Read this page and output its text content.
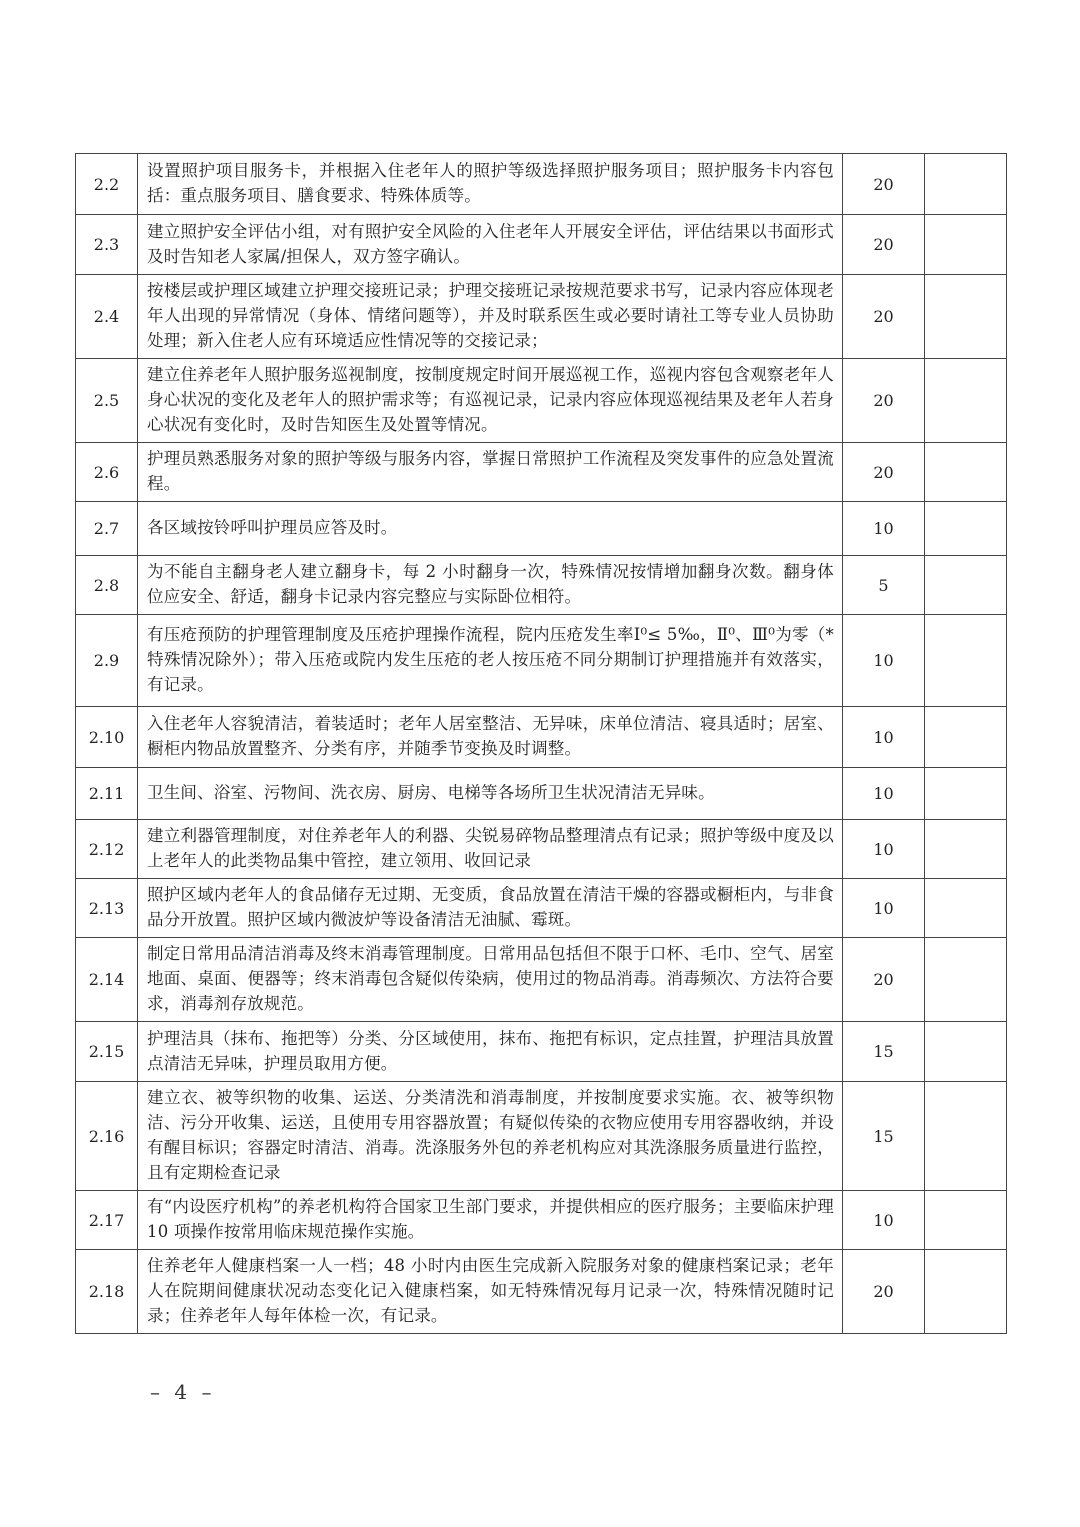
2.2	设置照护项目服务卡，并根据入住老年人的照护等级选择照护服务项目；照护服务卡内容包括：重点服务项目、膳食要求、特殊体质等。	20	
2.3	建立照护安全评估小组，对有照护安全风险的入住老年人开展安全评估，评估结果以书面形式及时告知老人家属/担保人，双方签字确认。	20	
2.4	按楼层或护理区域建立护理交接班记录；护理交接班记录按规范要求书写，记录内容应体现老年人出现的异常情况（身体、情绪问题等），并及时联系医生或必要时请社工等专业人员协助处理；新入住老人应有环境适应性情况等的交接记录；	20	
2.5	建立住养老年人照护服务巡视制度，按制度规定时间开展巡视工作，巡视内容包含观察老年人身心状况的变化及老年人的照护需求等；有巡视记录，记录内容应体现巡视结果及老年人若身心状况有变化时，及时告知医生及处置等情况。	20	
2.6	护理员熟悉服务对象的照护等级与服务内容，掌握日常照护工作流程及突发事件的应急处置流程。	20	
2.7	各区域按铃呼叫护理员应答及时。	10	
2.8	为不能自主翻身老人建立翻身卡，每 2 小时翻身一次，特殊情况按情增加翻身次数。翻身体位应安全、舒适，翻身卡记录内容完整应与实际卧位相符。	5	
2.9	有压疮预防的护理管理制度及压疮护理操作流程，院内压疮发生率Ⅰ⁰≤ 5‰，Ⅱ⁰、Ⅲ⁰为零（*特殊情况除外）；带入压疮或院内发生压疮的老人按压疮不同分期制订护理措施并有效落实，有记录。	10	
2.10	入住老年人容貌清洁，着装适时；老年人居室整洁、无异味，床单位清洁、寝具适时；居室、橱柜内物品放置整齐、分类有序，并随季节变换及时调整。	10	
2.11	卫生间、浴室、污物间、洗衣房、厨房、电梯等各场所卫生状况清洁无异味。	10	
2.12	建立利器管理制度，对住养老年人的利器、尖锐易碎物品整理清点有记录；照护等级中度及以上老年人的此类物品集中管控，建立领用、收回记录	10	
2.13	照护区域内老年人的食品储存无过期、无变质，食品放置在清洁干燥的容器或橱柜内，与非食品分开放置。照护区域内微波炉等设备清洁无油腻、霉斑。	10	
2.14	制定日常用品清洁消毒及终末消毒管理制度。日常用品包括但不限于口杯、毛巾、空气、居室地面、桌面、便器等；终末消毒包含疑似传染病，使用过的物品消毒。消毒频次、方法符合要求，消毒剂存放规范。	20	
2.15	护理洁具（抹布、拖把等）分类、分区域使用，抹布、拖把有标识，定点挂置，护理洁具放置点清洁无异味，护理员取用方便。	15	
2.16	建立衣、被等织物的收集、运送、分类清洗和消毒制度，并按制度要求实施。衣、被等织物洁、污分开收集、运送，且使用专用容器放置；有疑似传染的衣物应使用专用容器收纳，并设有醒目标识；容器定时清洁、消毒。洗涤服务外包的养老机构应对其洗涤服务质量进行监控，且有定期检查记录	15	
2.17	有“内设医疗机构”的养老机构符合国家卫生部门要求，并提供相应的医疗服务；主要临床护理 10 项操作按常用临床规范操作实施。	10	
2.18	住养老年人健康档案一人一档；48 小时内由医生完成新入院服务对象的健康档案记录；老年人在院期间健康状况动态变化记入健康档案，如无特殊情况每月记录一次，特殊情况随时记录；住养老年人每年体检一次，有记录。	20	
– 4 –
